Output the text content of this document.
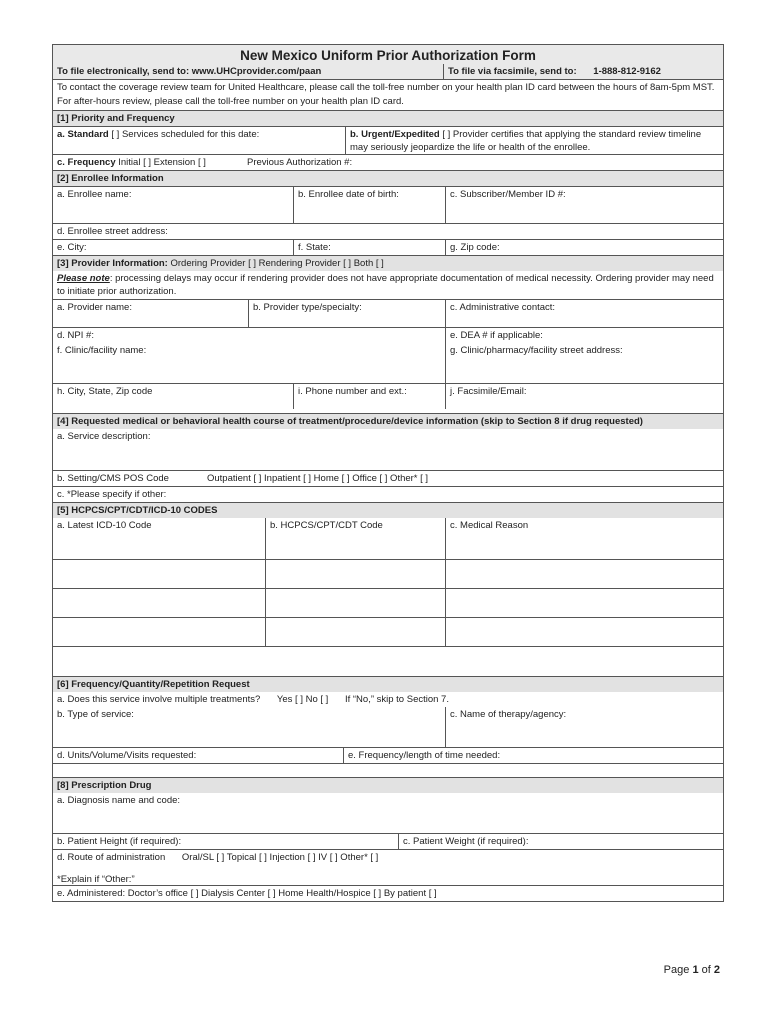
New Mexico Uniform Prior Authorization Form
To file electronically, send to: www.UHCprovider.com/paan	To file via facsimile, send to: 1-888-812-9162
To contact the coverage review team for United Healthcare, please call the toll-free number on your health plan ID card between the hours of 8am-5pm MST. For after-hours review, please call the toll-free number on your health plan ID card.
[1] Priority and Frequency
a. Standard [ ] Services scheduled for this date:	b. Urgent/Expedited [ ] Provider certifies that applying the standard review timeline may seriously jeopardize the life or health of the enrollee.
c. Frequency Initial [ ] Extension [ ]	Previous Authorization #:
[2] Enrollee Information
a. Enrollee name:	b. Enrollee date of birth:	c. Subscriber/Member ID #:
d. Enrollee street address:
e. City:	f. State:	g. Zip code:
[3] Provider Information: Ordering Provider [ ] Rendering Provider [ ] Both [ ]
Please note: processing delays may occur if rendering provider does not have appropriate documentation of medical necessity. Ordering provider may need to initiate prior authorization.
a. Provider name:	b. Provider type/specialty:	c. Administrative contact:
d. NPI #:	e. DEA # if applicable:
f. Clinic/facility name:	g. Clinic/pharmacy/facility street address:
h. City, State, Zip code	i. Phone number and ext.:	j. Facsimile/Email:
[4] Requested medical or behavioral health course of treatment/procedure/device information (skip to Section 8 if drug requested)
a. Service description:
b. Setting/CMS POS Code	Outpatient [ ] Inpatient [ ] Home [ ] Office [ ] Other* [ ]
c. *Please specify if other:
[5] HCPCS/CPT/CDT/ICD-10 CODES
a. Latest ICD-10 Code	b. HCPCS/CPT/CDT Code	c. Medical Reason
[6] Frequency/Quantity/Repetition Request
a. Does this service involve multiple treatments? Yes [ ] No [ ] If “No,” skip to Section 7.
b. Type of service:	c. Name of therapy/agency:
d. Units/Volume/Visits requested:	e. Frequency/length of time needed:
[8] Prescription Drug
a. Diagnosis name and code:
b. Patient Height (if required):	c. Patient Weight (if required):
d. Route of administration Oral/SL [ ] Topical [ ] Injection [ ] IV [ ] Other* [ ]
*Explain if “Other:”
e. Administered: Doctor’s office [ ] Dialysis Center [ ] Home Health/Hospice [ ] By patient [ ]
Page 1 of 2
